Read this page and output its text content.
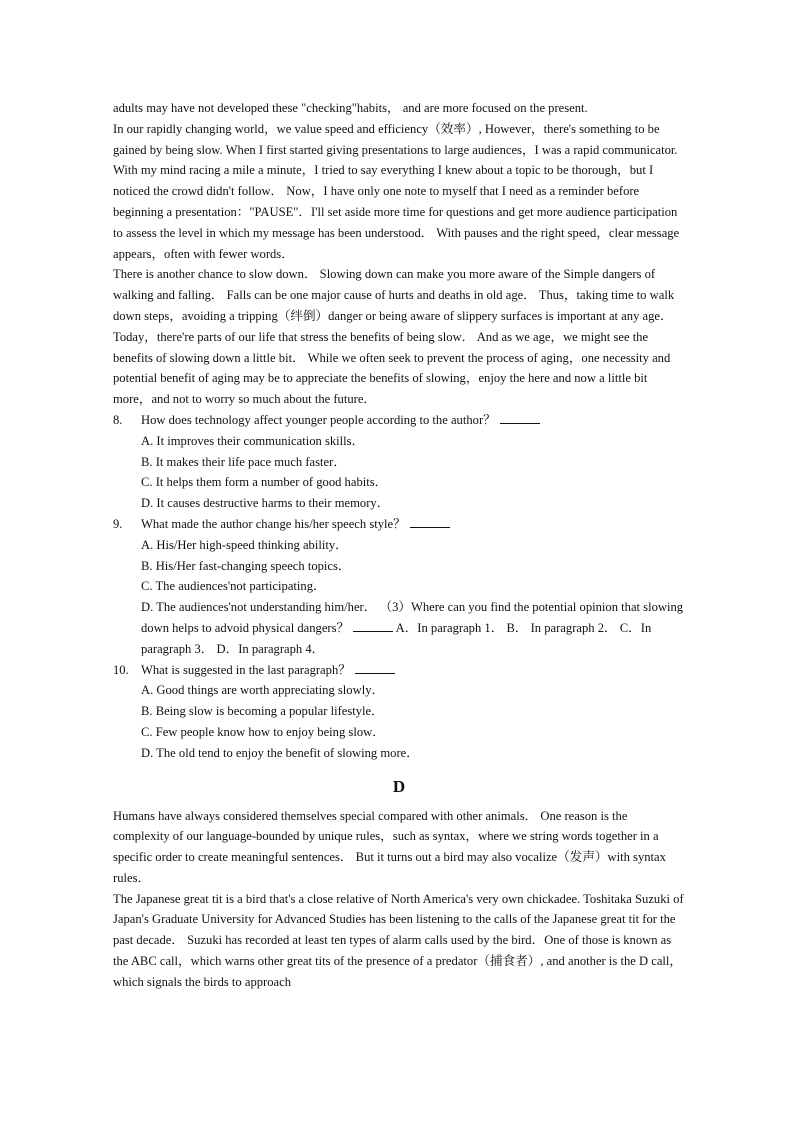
adults may have not developed these "checking"habits， and are more focused on the present.

In our rapidly changing world，we value speed and efficiency（效率）, However，there's something to be gained by being slow. When I first started giving presentations to large audiences，I was a rapid communicator. With my mind racing a mile a minute，I tried to say everything I knew about a topic to be thorough，but I noticed the crowd didn't follow． Now，I have only one note to myself that I need as a reminder before beginning a presentation："PAUSE"．I'll set aside more time for questions and get more audience participation to assess the level in which my message has been understood． With pauses and the right speed，clear message appears，often with fewer words．

There is another chance to slow down． Slowing down can make you more aware of the Simple dangers of walking and falling． Falls can be one major cause of hurts and deaths in old age． Thus，taking time to walk down steps，avoiding a tripping（绊倒）danger or being aware of slippery surfaces is important at any age．

Today，there're parts of our life that stress the benefits of being slow． And as we age，we might see the benefits of slowing down a little bit． While we often seek to prevent the process of aging，one necessity and potential benefit of aging may be to appreciate the benefits of slowing，enjoy the here and now a little bit more，and not to worry so much about the future．

8. How does technology affect younger people according to the author？

A. It improves their communication skills．

B. It makes their life pace much faster．

C. It helps them form a number of good habits．

D. It causes destructive harms to their memory．

9. What made the author change his/her speech style？

A. His/Her high-speed thinking ability．

B. His/Her fast-changing speech topics．

C. The audiences'not participating．

D. The audiences'not understanding him/her． （3）Where can you find the potential opinion that slowing down helps to advoid physical dangers？	A．In paragraph 1． B． In paragraph 2． C．In paragraph 3． D．In paragraph 4．

10. What is suggested in the last paragraph？

A. Good things are worth appreciating slowly．

B. Being slow is becoming a popular lifestyle．

C. Few people know how to enjoy being slow．

D. The old tend to enjoy the benefit of slowing more．

D

Humans have always considered themselves special compared with other animals． One reason is the complexity of our language-bounded by unique rules，such as syntax，where we string words together in a specific order to create meaningful sentences． But it turns out a bird may also vocalize（发声）with syntax rules．

The Japanese great tit is a bird that's a close relative of North America's very own chickadee. Toshitaka Suzuki of Japan's Graduate University for Advanced Studies has been listening to the calls of the Japanese great tit for the past decade． Suzuki has recorded at least ten types of alarm calls used by the bird．One of those is known as the ABC call，which warns other great tits of the presence of a predator（捕食者）, and another is the D call，which signals the birds to approach
